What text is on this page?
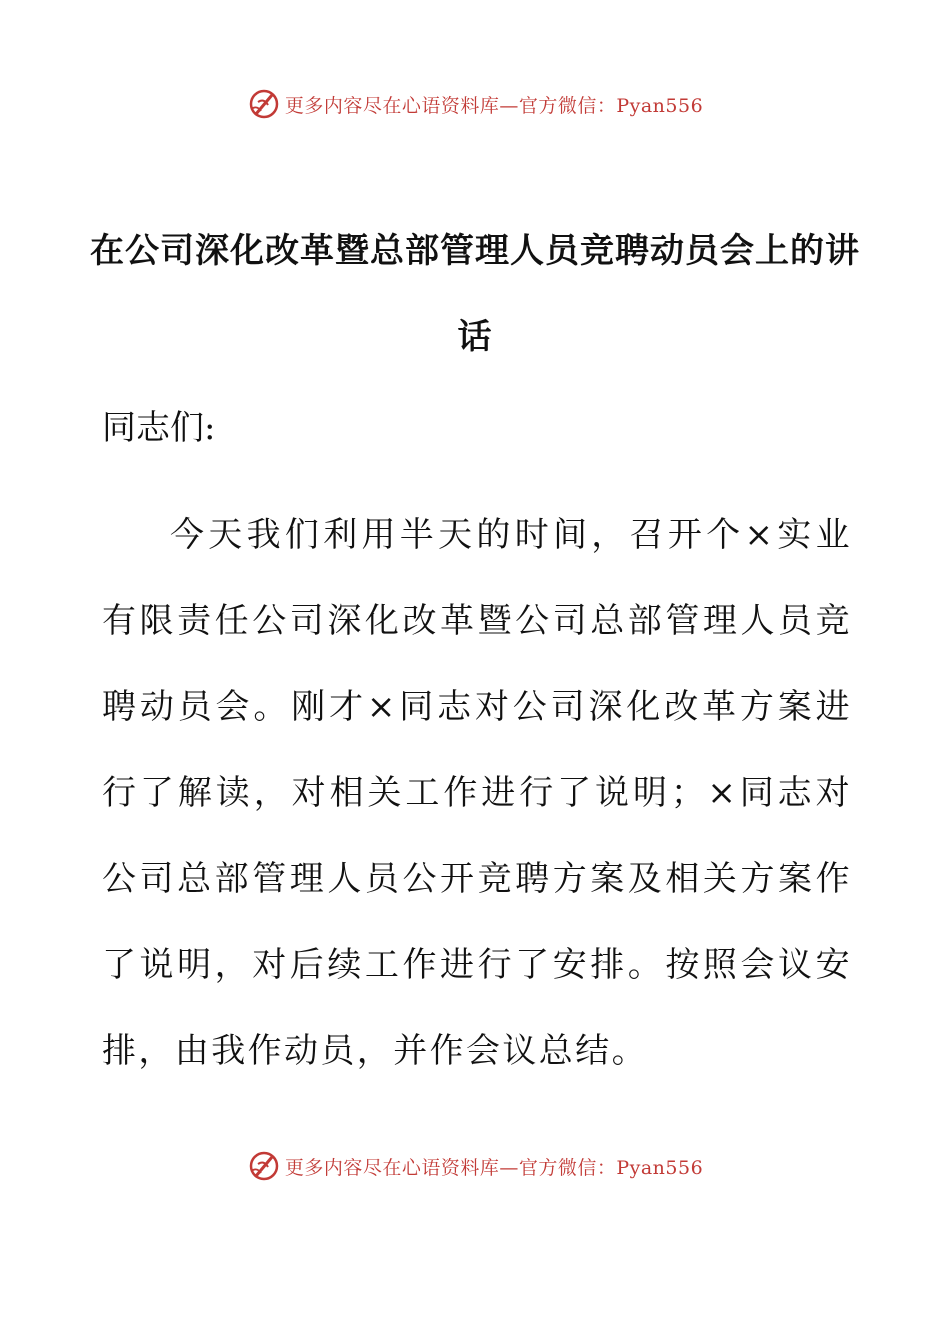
更多内容尽在心语资料库—官方微信：Pyan556
在公司深化改革暨总部管理人员竞聘动员会上的讲话
同志们:
今天我们利用半天的时间，召开个×实业有限责任公司深化改革暨公司总部管理人员竞聘动员会。刚才×同志对公司深化改革方案进行了解读，对相关工作进行了说明；×同志对公司总部管理人员公开竞聘方案及相关方案作了说明，对后续工作进行了安排。按照会议安排，由我作动员，并作会议总结。
更多内容尽在心语资料库—官方微信：Pyan556
